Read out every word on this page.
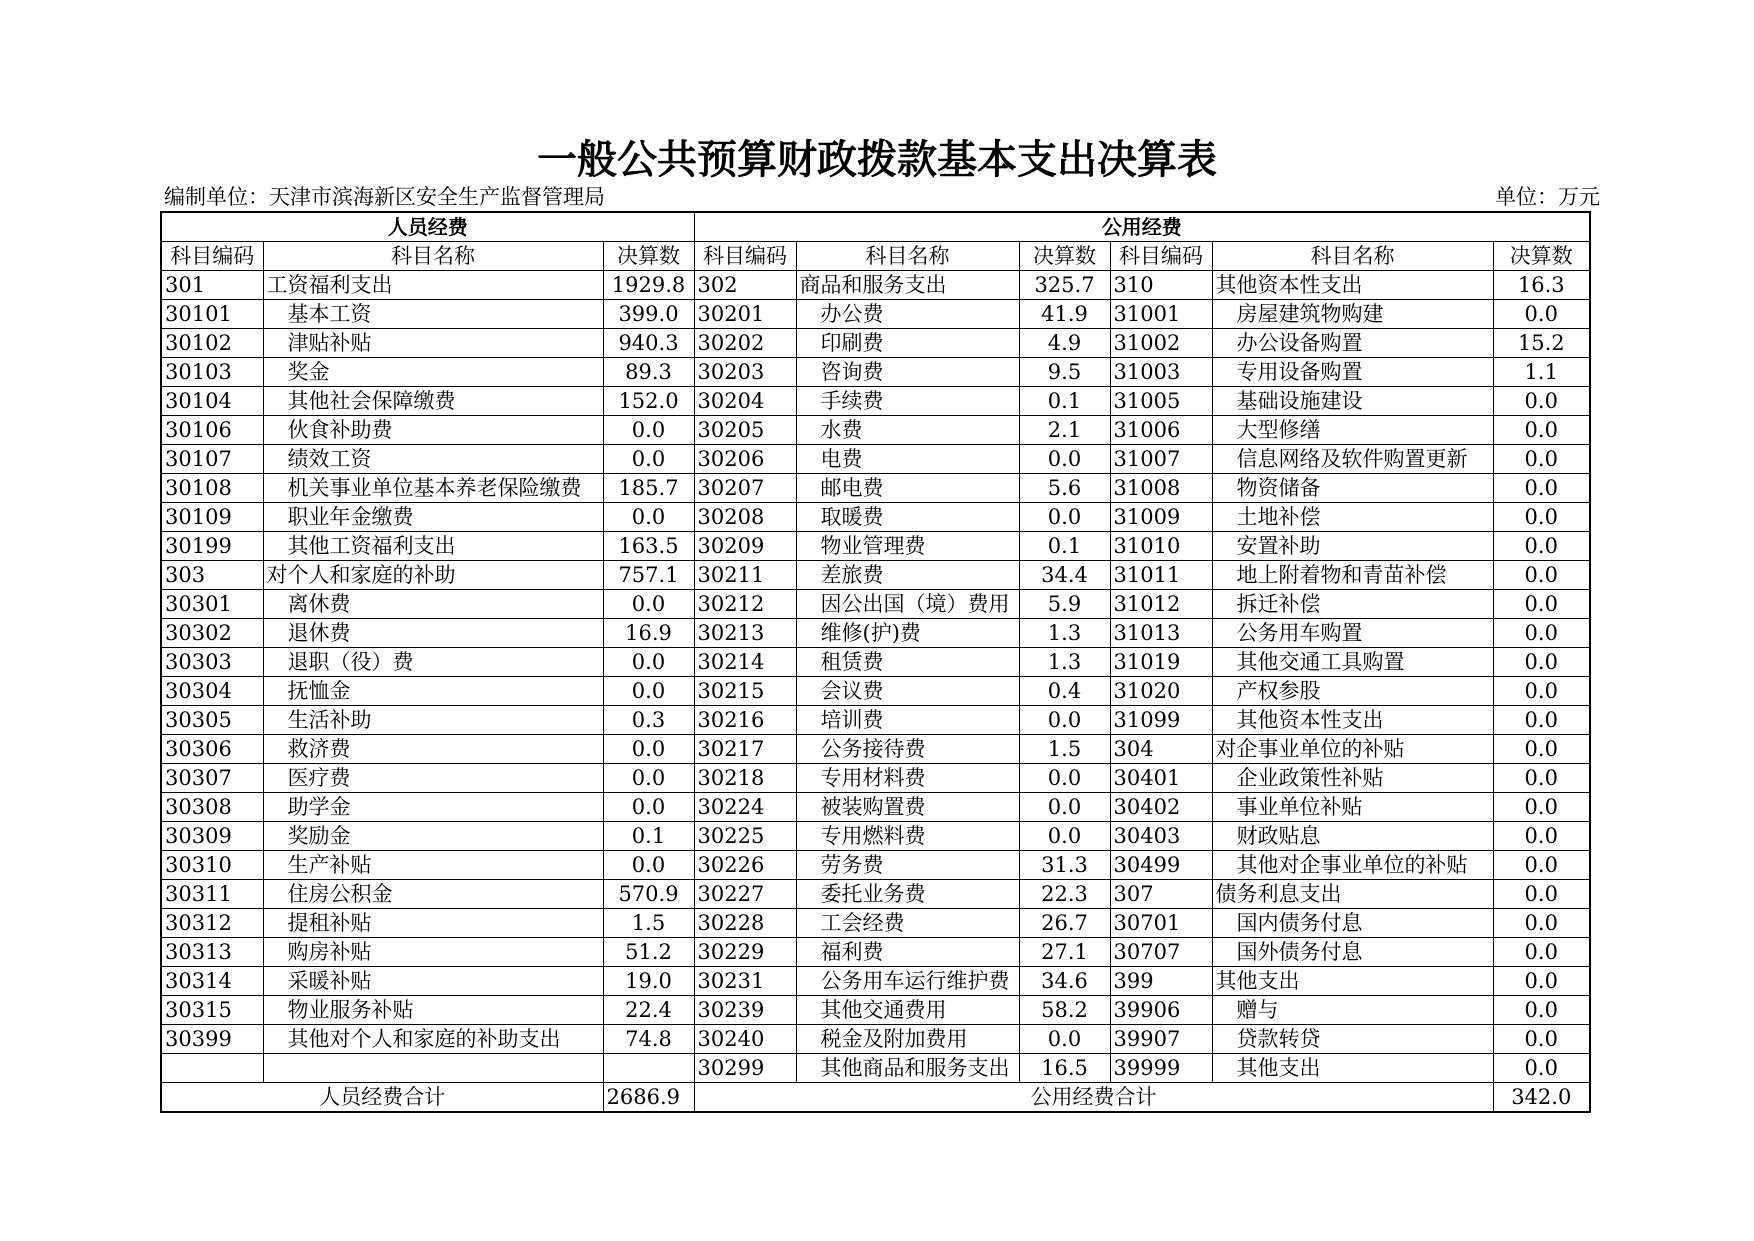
一般公共预算财政拨款基本支出决算表
编制单位：天津市滨海新区安全生产监督管理局	单位：万元
人员经费			公用经费					
科目编码	科目名称	决算数	科目编码	科目名称	决算数	科目编码	科目名称	决算数
301	工资福利支出	1929.8	302	商品和服务支出	325.7	310	其他资本性支出	16.3
30101	基本工资	399.0	30201	办公费	41.9	31001	房屋建筑物购建	0.0
30102	津贴补贴	940.3	30202	印刷费	4.9	31002	办公设备购置	15.2
30103	奖金	89.3	30203	咨询费	9.5	31003	专用设备购置	1.1
30104	其他社会保障缴费	152.0	30204	手续费	0.1	31005	基础设施建设	0.0
30106	伙食补助费	0.0	30205	水费	2.1	31006	大型修缮	0.0
30107	绩效工资	0.0	30206	电费	0.0	31007	信息网络及软件购置更新	0.0
30108	机关事业单位基本养老保险缴费	185.7	30207	邮电费	5.6	31008	物资储备	0.0
30109	职业年金缴费	0.0	30208	取暖费	0.0	31009	土地补偿	0.0
30199	其他工资福利支出	163.5	30209	物业管理费	0.1	31010	安置补助	0.0
303	对个人和家庭的补助	757.1	30211	差旅费	34.4	31011	地上附着物和青苗补偿	0.0
30301	离休费	0.0	30212	因公出国（境）费用	5.9	31012	拆迁补偿	0.0
30302	退休费	16.9	30213	维修(护)费	1.3	31013	公务用车购置	0.0
30303	退职（役）费	0.0	30214	租赁费	1.3	31019	其他交通工具购置	0.0
30304	抚恤金	0.0	30215	会议费	0.4	31020	产权参股	0.0
30305	生活补助	0.3	30216	培训费	0.0	31099	其他资本性支出	0.0
30306	救济费	0.0	30217	公务接待费	1.5	304	对企事业单位的补贴	0.0
30307	医疗费	0.0	30218	专用材料费	0.0	30401	企业政策性补贴	0.0
30308	助学金	0.0	30224	被装购置费	0.0	30402	事业单位补贴	0.0
30309	奖励金	0.1	30225	专用燃料费	0.0	30403	财政贴息	0.0
30310	生产补贴	0.0	30226	劳务费	31.3	30499	其他对企事业单位的补贴	0.0
30311	住房公积金	570.9	30227	委托业务费	22.3	307	债务利息支出	0.0
30312	提租补贴	1.5	30228	工会经费	26.7	30701	国内债务付息	0.0
30313	购房补贴	51.2	30229	福利费	27.1	30707	国外债务付息	0.0
30314	采暖补贴	19.0	30231	公务用车运行维护费	34.6	399	其他支出	0.0
30315	物业服务补贴	22.4	30239	其他交通费用	58.2	39906	赠与	0.0
30399	其他对个人和家庭的补助支出	74.8	30240	税金及附加费用	0.0	39907	贷款转贷	0.0
			30299	其他商品和服务支出	16.5	39999	其他支出	0.0
人员经费合计		2686.9	公用经费合计					342.0
